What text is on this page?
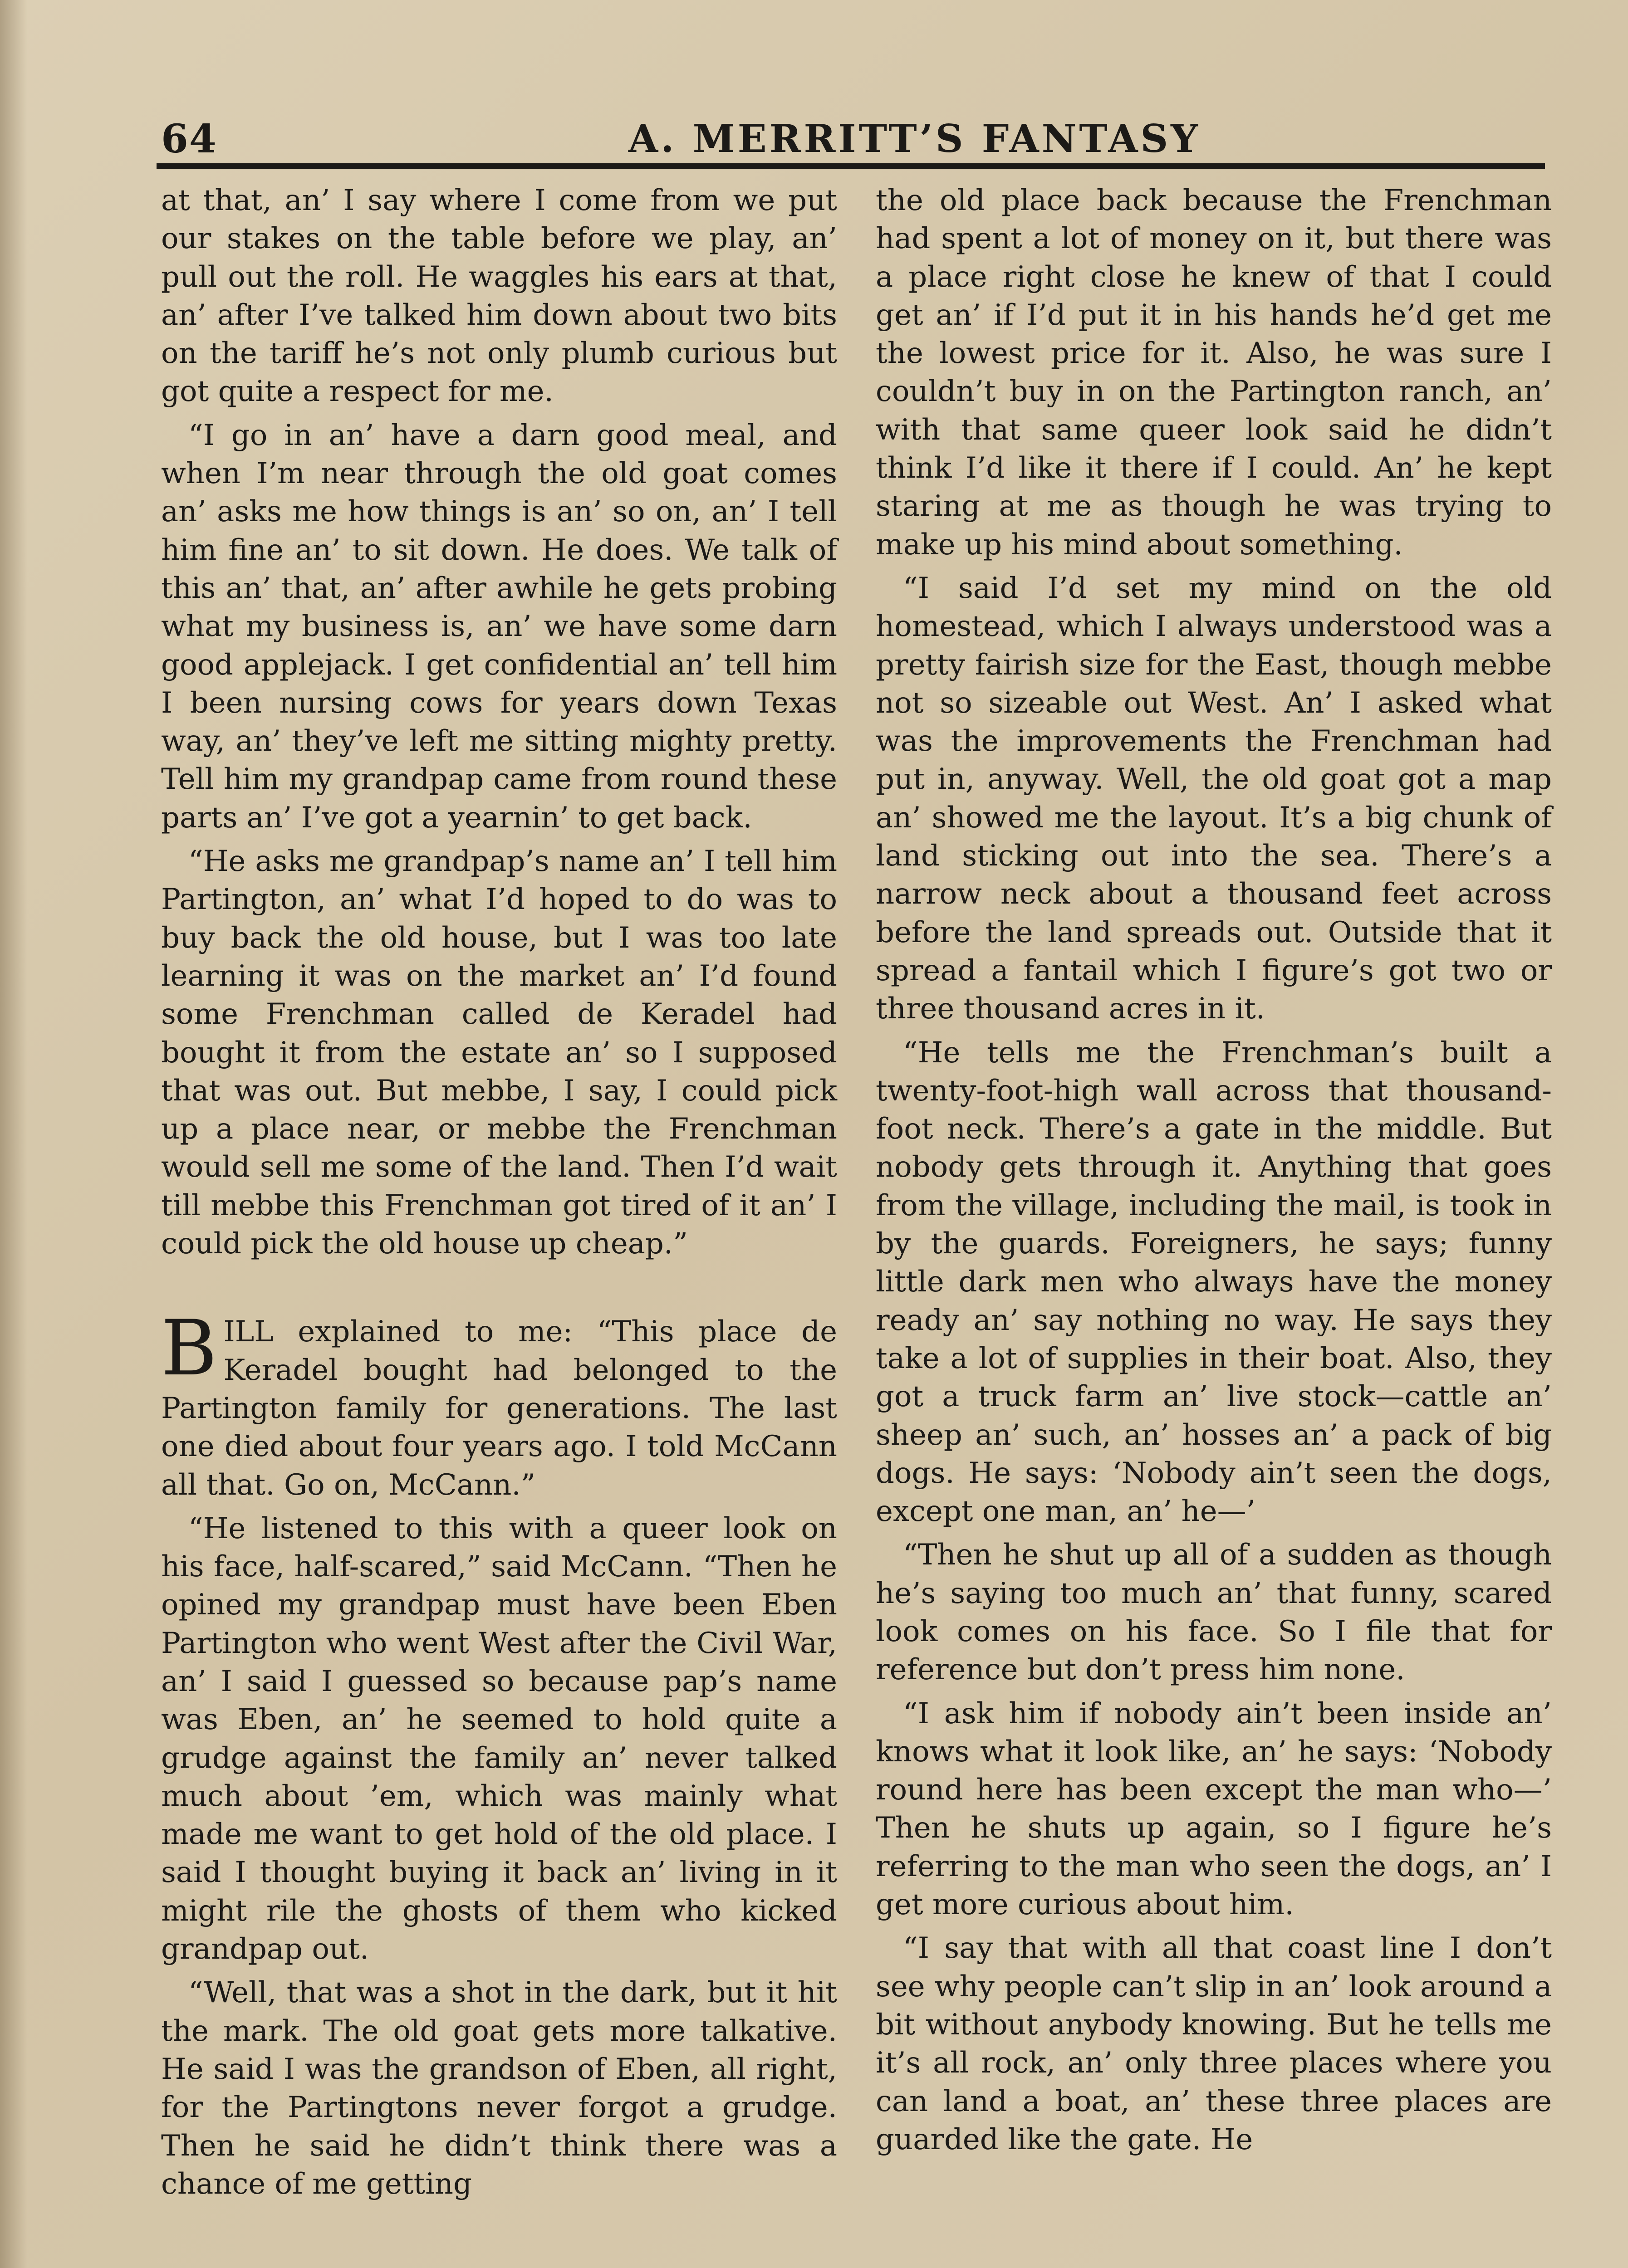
64	A. MERRITT’S FANTASY

at that, an’ I say where I come from we put our stakes on the table before we play, an’ pull out the roll. He waggles his ears at that, an’ after I’ve talked him down about two bits on the tariff he’s not only plumb curious but got quite a respect for me.

“I go in an’ have a darn good meal, and when I’m near through the old goat comes an’ asks me how things is an’ so on, an’ I tell him fine an’ to sit down. He does. We talk of this an’ that, an’ after awhile he gets probing what my business is, an’ we have some darn good applejack. I get confidential an’ tell him I been nursing cows for years down Texas way, an’ they’ve left me sitting mighty pretty. Tell him my grandpap came from round these parts an’ I’ve got a yearnin’ to get back.

“He asks me grandpap’s name an’ I tell him Partington, an’ what I’d hoped to do was to buy back the old house, but I was too late learning it was on the market an’ I’d found some Frenchman called de Keradel had bought it from the estate an’ so I supposed that was out. But mebbe, I say, I could pick up a place near, or mebbe the Frenchman would sell me some of the land. Then I’d wait till mebbe this Frenchman got tired of it an’ I could pick the old house up cheap.”

BILL explained to me: “This place de Keradel bought had belonged to the Partington family for generations. The last one died about four years ago. I told McCann all that. Go on, McCann.”

“He listened to this with a queer look on his face, half-scared,” said McCann. “Then he opined my grandpap must have been Eben Partington who went West after the Civil War, an’ I said I guessed so because pap’s name was Eben, an’ he seemed to hold quite a grudge against the family an’ never talked much about ’em, which was mainly what made me want to get hold of the old place. I said I thought buying it back an’ living in it might rile the ghosts of them who kicked grandpap out.

“Well, that was a shot in the dark, but it hit the mark. The old goat gets more talkative. He said I was the grandson of Eben, all right, for the Partingtons never forgot a grudge. Then he said he didn’t think there was a chance of me getting

the old place back because the Frenchman had spent a lot of money on it, but there was a place right close he knew of that I could get an’ if I’d put it in his hands he’d get me the lowest price for it. Also, he was sure I couldn’t buy in on the Partington ranch, an’ with that same queer look said he didn’t think I’d like it there if I could. An’ he kept staring at me as though he was trying to make up his mind about something.

“I said I’d set my mind on the old homestead, which I always understood was a pretty fairish size for the East, though mebbe not so sizeable out West. An’ I asked what was the improvements the Frenchman had put in, anyway. Well, the old goat got a map an’ showed me the layout. It’s a big chunk of land sticking out into the sea. There’s a narrow neck about a thousand feet across before the land spreads out. Outside that it spread a fantail which I figure’s got two or three thousand acres in it.

“He tells me the Frenchman’s built a twenty-foot-high wall across that thousand-foot neck. There’s a gate in the middle. But nobody gets through it. Anything that goes from the village, including the mail, is took in by the guards. Foreigners, he says; funny little dark men who always have the money ready an’ say nothing no way. He says they take a lot of supplies in their boat. Also, they got a truck farm an’ live stock—cattle an’ sheep an’ such, an’ hosses an’ a pack of big dogs. He says: ‘Nobody ain’t seen the dogs, except one man, an’ he—’

“Then he shut up all of a sudden as though he’s saying too much an’ that funny, scared look comes on his face. So I file that for reference but don’t press him none.

“I ask him if nobody ain’t been inside an’ knows what it look like, an’ he says: ‘Nobody round here has been except the man who—’ Then he shuts up again, so I figure he’s referring to the man who seen the dogs, an’ I get more curious about him.

“I say that with all that coast line I don’t see why people can’t slip in an’ look around a bit without anybody knowing. But he tells me it’s all rock, an’ only three places where you can land a boat, an’ these three places are guarded like the gate. He
